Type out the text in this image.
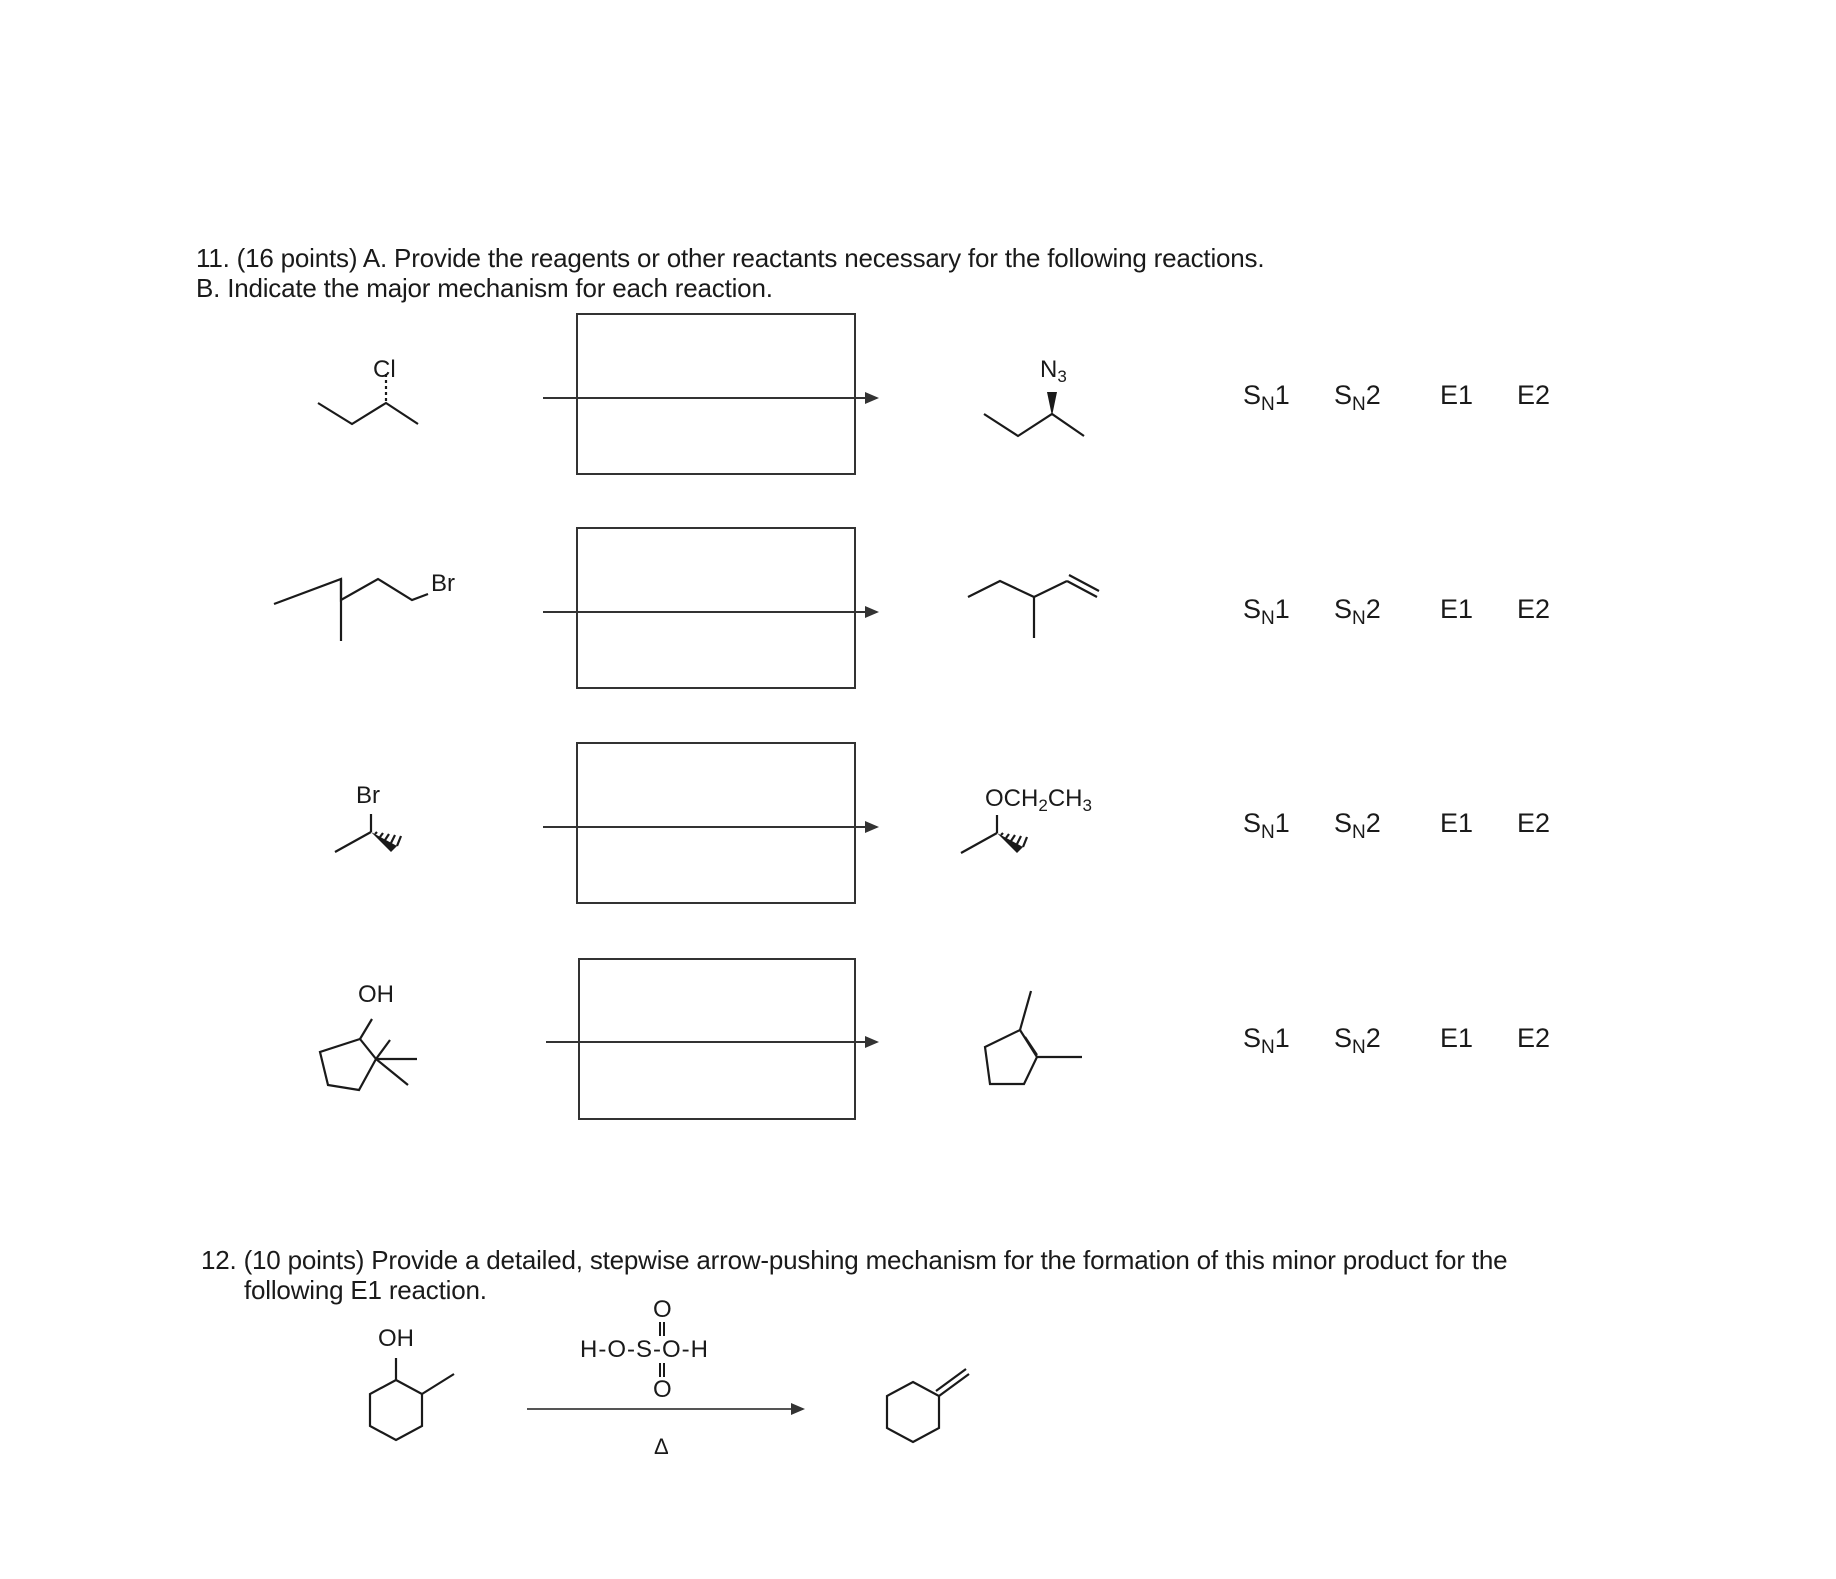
11. (16 points) A. Provide the reagents or other reactants necessary for the following reactions.
B. Indicate the major mechanism for each reaction.
Cl	$N_3$
$S_N1$ $S_N2$ E1 E2
Br
$S_N1$ $S_N2$ E1 E2
Br	$OCH_2CH_3$
$S_N1$ $S_N2$ E1 E2
OH
$S_N1$ $S_N2$ E1 E2
12. (10 points) Provide a detailed, stepwise arrow-pushing mechanism for the formation of this minor product for the
following E1 reaction.
OH
O
H-O-S-O-H
O
Δ
